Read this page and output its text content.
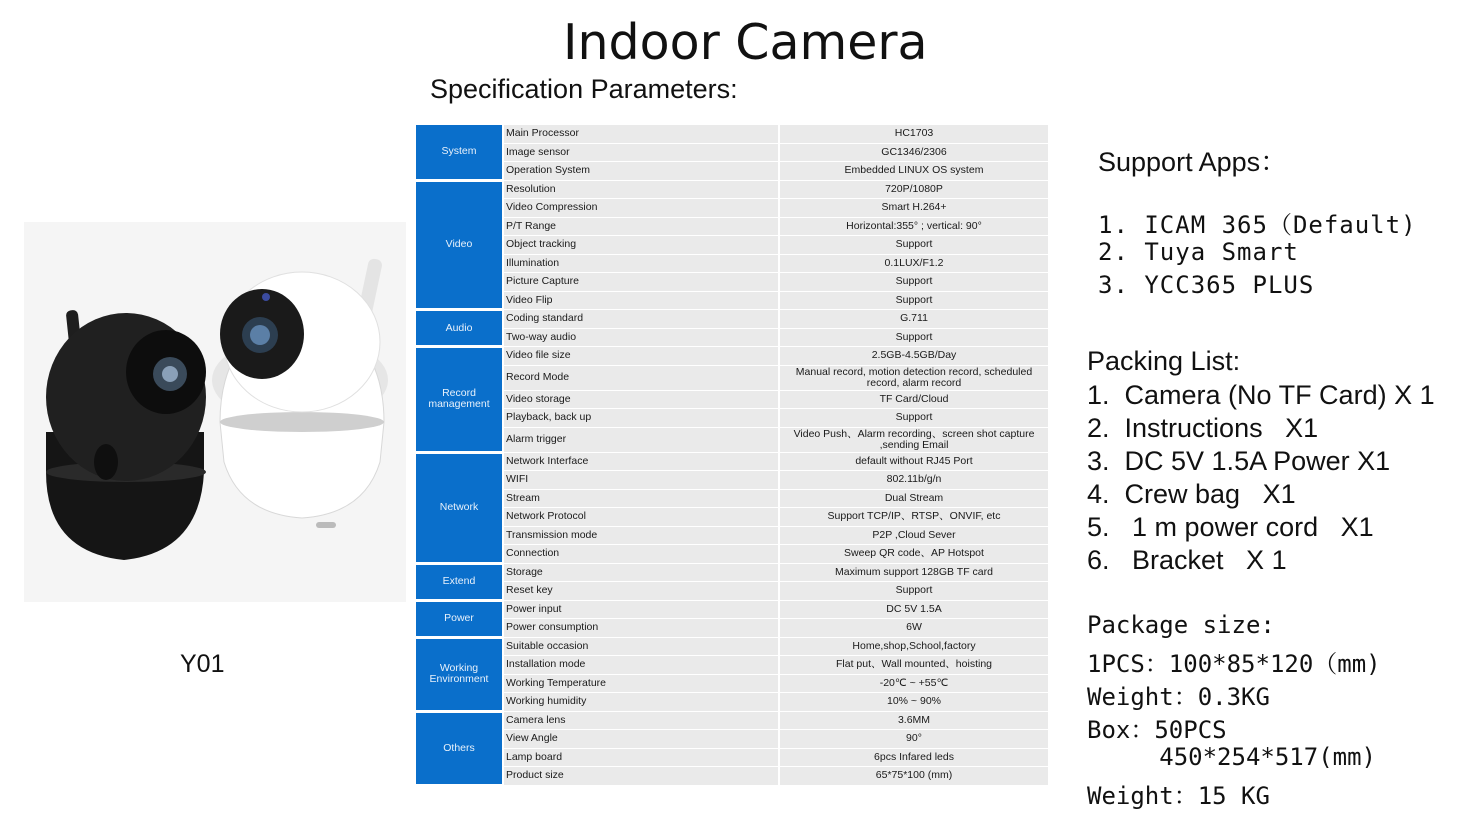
Indoor Camera
Specification Parameters:
Y01
System	Main Processor	HC1703
	Image sensor	GC1346/2306
	Operation System	Embedded LINUX OS system
Video	Resolution	720P/1080P
	Video Compression	Smart H.264+
	P/T Range	Horizontal:355° ; vertical: 90°
	Object tracking	Support
	Illumination	0.1LUX/F1.2
	Picture Capture	Support
	Video Flip	Support
Audio	Coding standard	G.711
	Two-way audio	Support
Record management	Video file size	2.5GB-4.5GB/Day
	Record Mode	Manual record, motion detection record, scheduled record, alarm record
	Video storage	TF Card/Cloud
	Playback, back up	Support
	Alarm trigger	Video Push、Alarm recording、screen shot capture ,sending Email
Network	Network Interface	default without RJ45 Port
	WIFI	802.11b/g/n
	Stream	Dual Stream
	Network Protocol	Support TCP/IP、RTSP、ONVIF, etc
	Transmission mode	P2P ,Cloud Sever
	Connection	Sweep QR code、AP Hotspot
Extend	Storage	Maximum support 128GB TF card
	Reset key	Support
Power	Power input	DC 5V 1.5A
	Power consumption	6W
Working Environment	Suitable occasion	Home,shop,School,factory
	Installation mode	Flat put、Wall mounted、hoisting
	Working Temperature	-20℃ ~ +55℃
	Working humidity	10% ~ 90%
Others	Camera lens	3.6MM
	View Angle	90°
	Lamp board	6pcs Infared leds
	Product size	65*75*100 (mm)
Support Apps：
1. ICAM 365（Default)
2. Tuya Smart
3. YCC365 PLUS
Packing List:
1.  Camera (No TF Card) X 1
2.  Instructions   X1
3.  DC 5V 1.5A Power X1
4.  Crew bag   X1
5.   1 m power cord   X1
6.   Bracket   X 1
Package size:
1PCS：100*85*120（mm)
Weight：0.3KG
Box：50PCS
450*254*517(mm)
Weight：15 KG
